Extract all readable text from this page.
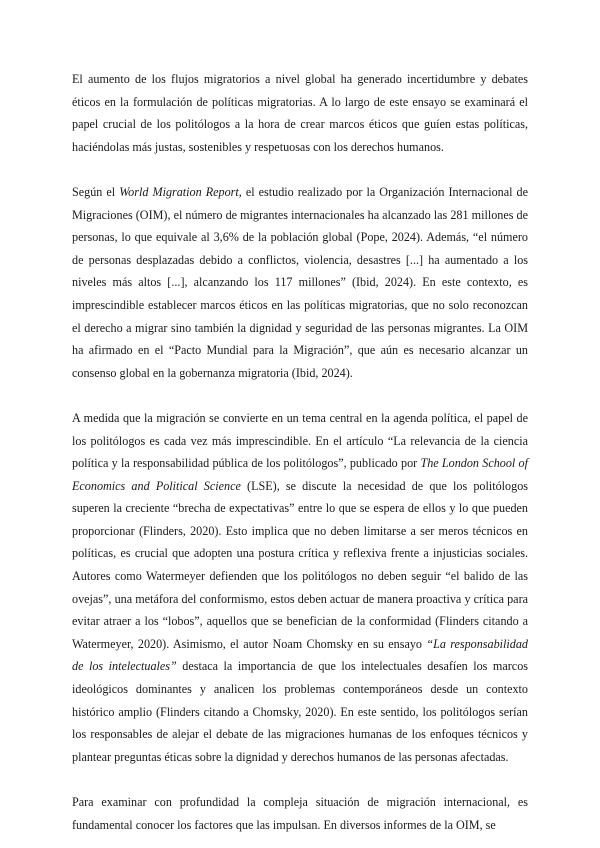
El aumento de los flujos migratorios a nivel global ha generado incertidumbre y debates éticos en la formulación de políticas migratorias. A lo largo de este ensayo se examinará el papel crucial de los politólogos a la hora de crear marcos éticos que guíen estas políticas, haciéndolas más justas, sostenibles y respetuosas con los derechos humanos.

Según el World Migration Report, el estudio realizado por la Organización Internacional de Migraciones (OIM), el número de migrantes internacionales ha alcanzado las 281 millones de personas, lo que equivale al 3,6% de la población global (Pope, 2024). Además, “el número de personas desplazadas debido a conflictos, violencia, desastres [...] ha aumentado a los niveles más altos [...], alcanzando los 117 millones” (Ibid, 2024). En este contexto, es imprescindible establecer marcos éticos en las políticas migratorias, que no solo reconozcan el derecho a migrar sino también la dignidad y seguridad de las personas migrantes. La OIM ha afirmado en el “Pacto Mundial para la Migración”, que aún es necesario alcanzar un consenso global en la gobernanza migratoria (Ibid, 2024).

A medida que la migración se convierte en un tema central en la agenda política, el papel de los politólogos es cada vez más imprescindible. En el artículo “La relevancia de la ciencia política y la responsabilidad pública de los politólogos”, publicado por The London School of Economics and Political Science (LSE), se discute la necesidad de que los politólogos superen la creciente “brecha de expectativas” entre lo que se espera de ellos y lo que pueden proporcionar (Flinders, 2020). Esto implica que no deben limitarse a ser meros técnicos en políticas, es crucial que adopten una postura crítica y reflexiva frente a injusticias sociales. Autores como Watermeyer defienden que los politólogos no deben seguir “el balido de las ovejas”, una metáfora del conformismo, estos deben actuar de manera proactiva y crítica para evitar atraer a los “lobos”, aquellos que se benefician de la conformidad (Flinders citando a Watermeyer, 2020). Asimismo, el autor Noam Chomsky en su ensayo “La responsabilidad de los intelectuales” destaca la importancia de que los intelectuales desafíen los marcos ideológicos dominantes y analicen los problemas contemporáneos desde un contexto histórico amplio (Flinders citando a Chomsky, 2020). En este sentido, los politólogos serían los responsables de alejar el debate de las migraciones humanas de los enfoques técnicos y plantear preguntas éticas sobre la dignidad y derechos humanos de las personas afectadas.

Para examinar con profundidad la compleja situación de migración internacional, es fundamental conocer los factores que las impulsan. En diversos informes de la OIM, se
